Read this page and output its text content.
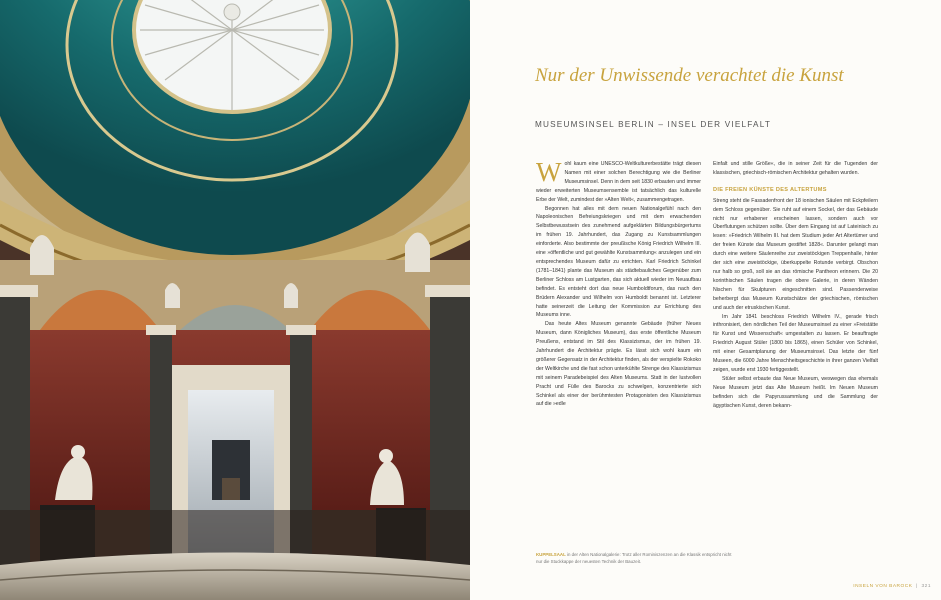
Nur der Unwissende verachtet die Kunst
MUSEUMSINSEL BERLIN – INSEL DER VIELFALT

Wohl kaum eine UNESCO-Weltkulturerbestätte trägt diesen Namen mit einer solchen Berechtigung wie die Berliner Museumsinsel. Denn in dem seit 1830 erbauten und immer wieder erweiterten Museumsensemble ist tatsächlich das kulturelle Erbe der Welt, zumindest der »Alten Welt«, zusammengetragen.

Begonnen hat alles mit dem neuen Nationalgefühl nach den Napoleonischen Befreiungskriegen und mit dem erwachenden Selbstbewusstsein des zunehmend aufgeklärten Bildungsbürgertums im frühen 19. Jahrhundert, das Zugang zu Kunstsammlungen einforderte. Also bestimmte der preußische König Friedrich Wilhelm III. eine »öffentliche und gut gewählte Kunstsammlung« anzulegen und ein entsprechendes Museum dafür zu errichten. Karl Friedrich Schinkel (1781–1841) plante das Museum als städtebauliches Gegenüber zum Berliner Schloss am Lustgarten, das sich aktuell wieder im Neuaufbau befindet. Es entsteht dort das neue Humboldtforum, das nach den Brüdern Alexander und Wilhelm von Humboldt benannt ist. Letzterer hatte seinerzeit die Leitung der Kommission zur Errichtung des Museums inne.

Das heute Altes Museum genannte Gebäude (früher Neues Museum, dann Königliches Museum), das erste öffentliche Museum Preußens, entstand im Stil des Klassizismus, der im frühen 19. Jahrhundert die Architektur prägte. Es lässt sich wohl kaum ein größerer Gegensatz in der Architektur finden, als der verspielte Rokoko der Weltkirche und die fast schon unterkühlte Strenge des Klassizismus mit seinem Paradebeispiel des Alten Museums. Statt in der lustvollen Pracht und Fülle des Barocks zu schwelgen, konzentrierte sich Schinkel als einer der berühmtesten Protagonisten des Klassizismus auf die »edle

Einfalt und stille Größe«, die in seiner Zeit für die Tugenden der klassischen, griechisch-römischen Architektur gehalten wurden.

DIE FREIEN KÜNSTE DES ALTERTUMS

Streng steht die Fassadenfront der 18 ionischen Säulen mit Eckpfeilern dem Schloss gegenüber. Sie ruht auf einem Sockel, der das Gebäude nicht nur erhabener erscheinen lassen, sondern auch vor Überflutungen schützen sollte. Über dem Eingang ist auf Lateinisch zu lesen: »Friedrich Wilhelm III. hat dem Studium jeder Art Altertümer und der freien Künste das Museum gestiftet 1828«. Darunter gelangt man durch eine weitere Säulenreihe zur zweistöckigen Treppenhalle, hinter der sich eine zweistöckige, überkuppelte Rotunde verbirgt. Obschon nur halb so groß, soll sie an das römische Pantheon erinnern. Die 20 korinthischen Säulen tragen die obere Galerie, in deren Wänden Nischen für Skulpturen eingeschnitten sind. Passenderweise beherbergt das Museum Kunstschätze der griechischen, römischen und auch der etruskischen Kunst.

Im Jahr 1841 beschloss Friedrich Wilhelm IV., gerade frisch inthronisiert, den nördlichen Teil der Museumsinsel zu einer »Freistätte für Kunst und Wissenschaft« umgestalten zu lassen. Er beauftragte Friedrich August Stüler (1800 bis 1865), einen Schüler von Schinkel, mit einer Gesamtplanung der Museumsinsel. Das letzte der fünf Museen, die 6000 Jahre Menschheitsgeschichte in ihrer ganzen Vielfalt zeigen, wurde erst 1930 fertiggestellt.

Stüler selbst erbaute das Neue Museum, weswegen das ehemals Neue Museum jetzt das Alte Museum heißt. Im Neuen Museum befinden sich die Papyrussammlung und die Sammlung der ägyptischen Kunst, deren bekann-

KUPPELSAAL in der Alten Nationalgalerie: Trotz aller Rominiszenzen an die Klassik entspricht nicht nur die Stuckkappe der neuesten Technik der Bauzeit.
INSELN VON BAROCK  |  321
